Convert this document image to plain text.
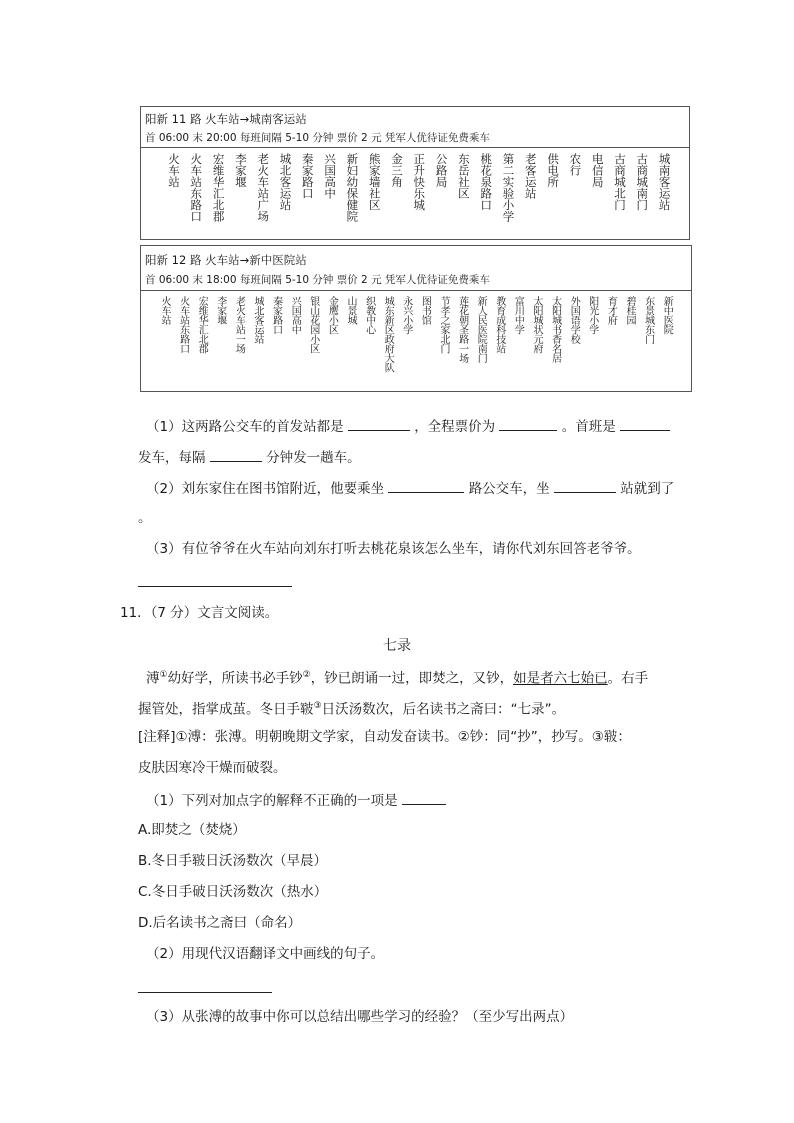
阳新 11 路 火车站→城南客运站
首 06:00 末 20:00 每班间隔 5-10 分钟 票价 2 元 凭军人优待证免费乘车
火车站 火车站东路口 宏维华汇北郡 李家堰 老火车站广场 城北客运站 秦家路口 兴国高中 新妇幼保健院 熊家墙社区 金三角 正升快乐城 公路局 东岳社区 桃花泉路口 第二实验小学 老客运站 供电所 农行 电信局 古商城北门 古商城南门 城南客运站
阳新 12 路 火车站→新中医院站
首 06:00 末 18:00 每班间隔 5-10 分钟 票价 2 元 凭军人优待证免费乘车
火车站 火车站东路口 宏维华汇北郡 李家堰 老火车站一场 城北客运站 秦家路口 兴国高中 银山花园小区 金鹰小区 山景城 织教中心 城东新区政府大队 永兴小学 图书馆 节孝之家北门 莲花朝圣路一场 新人民医院南门 教育成科技站 富川中学 太阳城状元府 太阳城书香名居 外国语学校 阳光小学 育才府 碧桂园 东景城东门 新中医院
（1）这两路公交车的首发站都是	，全程票价为	。首班是
发车，每隔	分钟发一趟车。
（2）刘东家住在图书馆附近，他要乘坐	路公交车，坐	站就到了
。
（3）有位爷爷在火车站向刘东打听去桃花泉该怎么坐车，请你代刘东回答老爷爷。
11．（7 分）文言文阅读。
七录
溥①幼好学，所读书必手钞②，钞已朗诵一过，即焚之，又钞，如是者六七始已。右手
握管处，指掌成茧。冬日手皲③日沃汤数次，后名读书之斋曰：“七录”。
[注释]①溥：张溥。明朝晚期文学家，自动发奋读书。②钞：同“抄”，抄写。③皲：
皮肤因寒冷干燥而破裂。
（1）下列对加点字的解释不正确的一项是
A.即焚之（焚烧）
B.冬日手皲日沃汤数次（早晨）
C.冬日手破日沃汤数次（热水）
D.后名读书之斋曰（命名）
（2）用现代汉语翻译文中画线的句子。
（3）从张溥的故事中你可以总结出哪些学习的经验？（至少写出两点）
